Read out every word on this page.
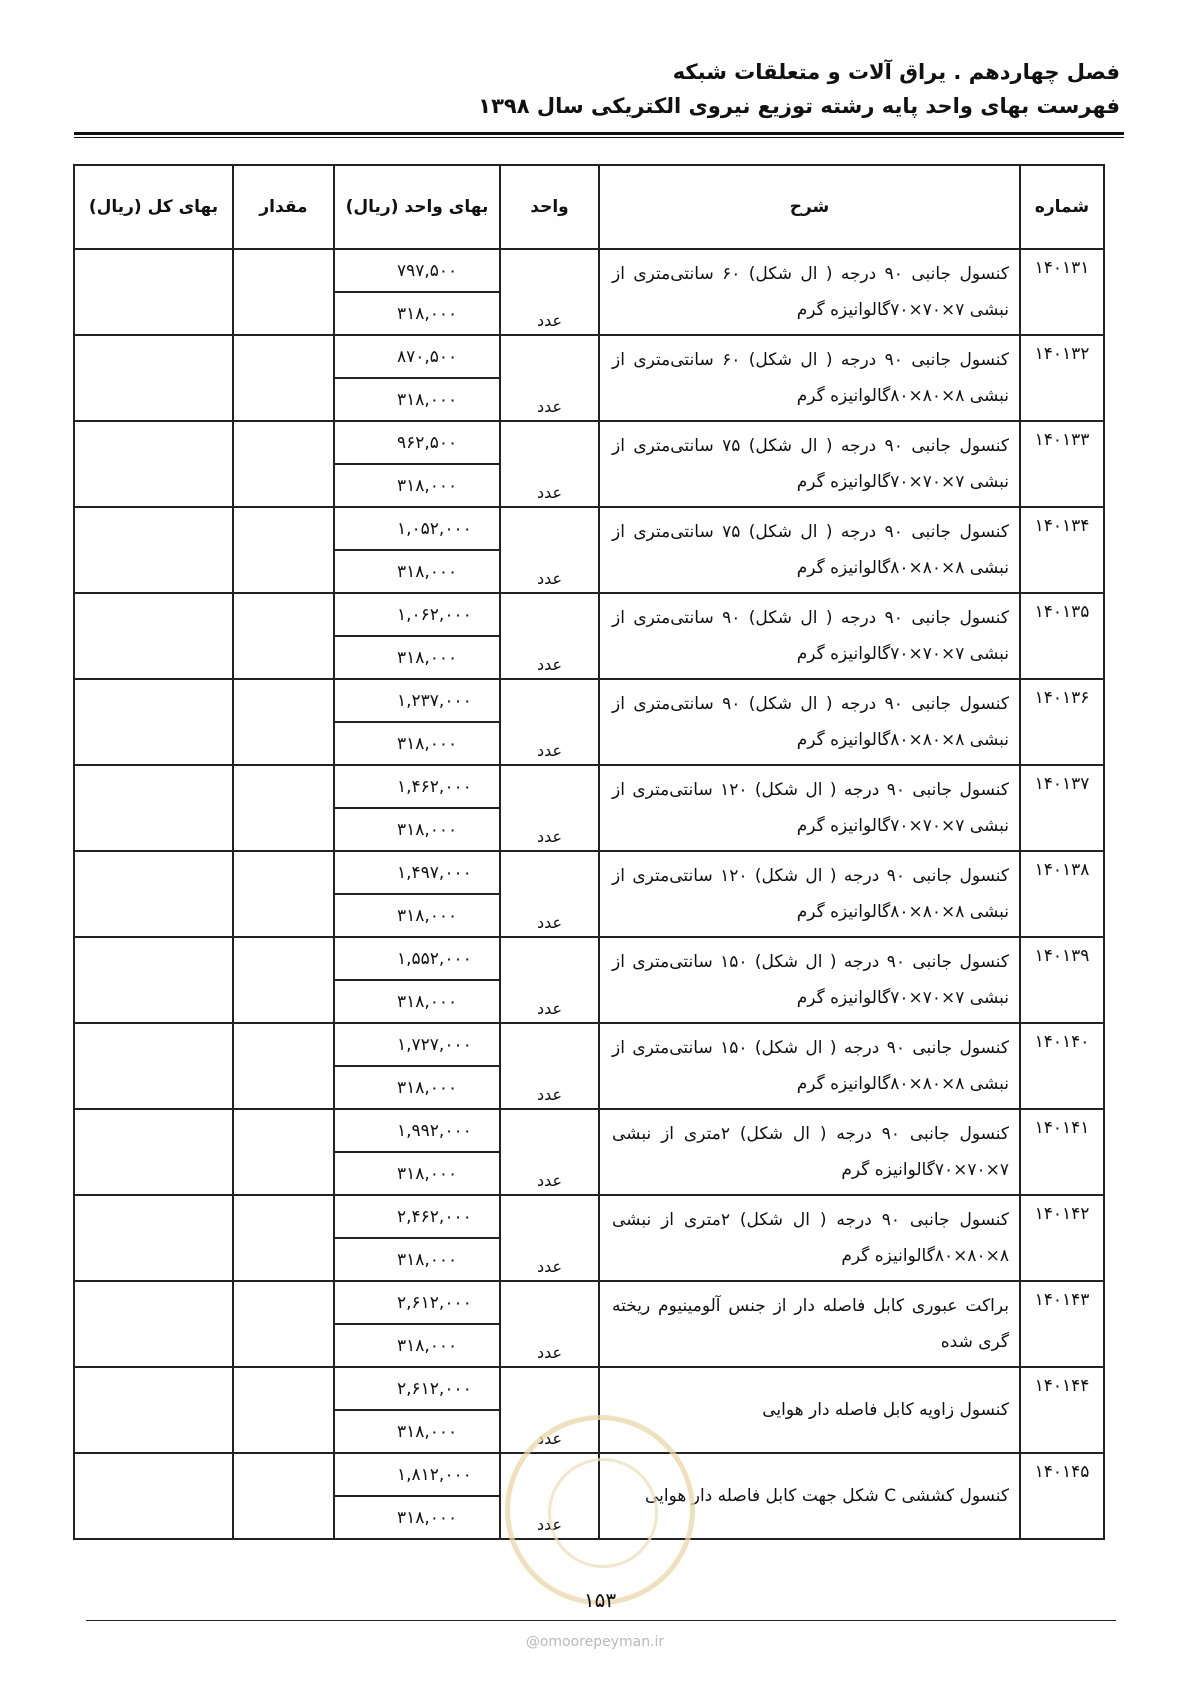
فصل چهاردهم . یراق آلات و متعلقات شبکه
فهرست بهای واحد پایه رشته توزیع نیروی الکتریکی سال ۱۳۹۸
شماره	شرح	واحد	بهای واحد (ریال)	مقدار	بهای کل (ریال)
۱۴۰۱۳۱	کنسول جانبی ۹۰ درجه ( ال شکل) ۶۰ سانتی‌متری از نبشی ۷×۷۰×۷۰گالوانیزه گرم	عدد	۷۹۷,۵۰۰		
			۳۱۸,۰۰۰		
۱۴۰۱۳۲	کنسول جانبی ۹۰ درجه ( ال شکل) ۶۰ سانتی‌متری از نبشی ۸×۸۰×۸۰گالوانیزه گرم	عدد	۸۷۰,۵۰۰		
			۳۱۸,۰۰۰		
۱۴۰۱۳۳	کنسول جانبی ۹۰ درجه ( ال شکل) ۷۵ سانتی‌متری از نبشی ۷×۷۰×۷۰گالوانیزه گرم	عدد	۹۶۲,۵۰۰		
			۳۱۸,۰۰۰		
۱۴۰۱۳۴	کنسول جانبی ۹۰ درجه ( ال شکل) ۷۵ سانتی‌متری از نبشی ۸×۸۰×۸۰گالوانیزه گرم	عدد	۱,۰۵۲,۰۰۰		
			۳۱۸,۰۰۰		
۱۴۰۱۳۵	کنسول جانبی ۹۰ درجه ( ال شکل) ۹۰ سانتی‌متری از نبشی ۷×۷۰×۷۰گالوانیزه گرم	عدد	۱,۰۶۲,۰۰۰		
			۳۱۸,۰۰۰		
۱۴۰۱۳۶	کنسول جانبی ۹۰ درجه ( ال شکل) ۹۰ سانتی‌متری از نبشی ۸×۸۰×۸۰گالوانیزه گرم	عدد	۱,۲۳۷,۰۰۰		
			۳۱۸,۰۰۰		
۱۴۰۱۳۷	کنسول جانبی ۹۰ درجه ( ال شکل) ۱۲۰ سانتی‌متری از نبشی ۷×۷۰×۷۰گالوانیزه گرم	عدد	۱,۴۶۲,۰۰۰		
			۳۱۸,۰۰۰		
۱۴۰۱۳۸	کنسول جانبی ۹۰ درجه ( ال شکل) ۱۲۰ سانتی‌متری از نبشی ۸×۸۰×۸۰گالوانیزه گرم	عدد	۱,۴۹۷,۰۰۰		
			۳۱۸,۰۰۰		
۱۴۰۱۳۹	کنسول جانبی ۹۰ درجه ( ال شکل) ۱۵۰ سانتی‌متری از نبشی ۷×۷۰×۷۰گالوانیزه گرم	عدد	۱,۵۵۲,۰۰۰		
			۳۱۸,۰۰۰		
۱۴۰۱۴۰	کنسول جانبی ۹۰ درجه ( ال شکل) ۱۵۰ سانتی‌متری از نبشی ۸×۸۰×۸۰گالوانیزه گرم	عدد	۱,۷۲۷,۰۰۰		
			۳۱۸,۰۰۰		
۱۴۰۱۴۱	کنسول جانبی ۹۰ درجه ( ال شکل) ۲متری از نبشی ۷×۷۰×۷۰گالوانیزه گرم	عدد	۱,۹۹۲,۰۰۰		
			۳۱۸,۰۰۰		
۱۴۰۱۴۲	کنسول جانبی ۹۰ درجه ( ال شکل) ۲متری از نبشی ۸×۸۰×۸۰گالوانیزه گرم	عدد	۲,۴۶۲,۰۰۰		
			۳۱۸,۰۰۰		
۱۴۰۱۴۳	براکت عبوری کابل فاصله دار از جنس آلومینیوم ریخته گری شده	عدد	۲,۶۱۲,۰۰۰		
			۳۱۸,۰۰۰		
۱۴۰۱۴۴	کنسول زاویه کابل فاصله دار هوایی	عدد	۲,۶۱۲,۰۰۰		
			۳۱۸,۰۰۰		
۱۴۰۱۴۵	کنسول کششی C شکل جهت کابل فاصله دار هوایی	عدد	۱,۸۱۲,۰۰۰		
			۳۱۸,۰۰۰		
۱۵۳
@omoorepeyman.ir
